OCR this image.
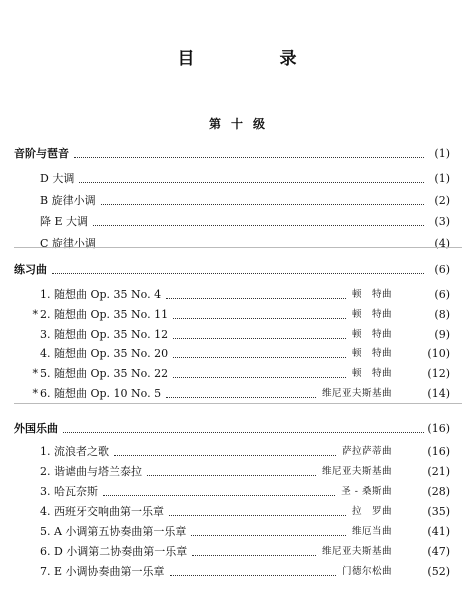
目　录
第十级
音阶与琶音	(1)
D 大调	(1)
B 旋律小调	(2)
降 E 大调	(3)
C 旋律小调	(4)
练习曲	(6)
1. 随想曲 Op. 35 No. 4	顿　特曲	(6)
* 2. 随想曲 Op. 35 No. 11	顿　特曲	(8)
3. 随想曲 Op. 35 No. 12	顿　特曲	(9)
4. 随想曲 Op. 35 No. 20	顿　特曲	(10)
* 5. 随想曲 Op. 35 No. 22	顿　特曲	(12)
* 6. 随想曲 Op. 10 No. 5	维尼亚夫斯基曲	(14)
外国乐曲	(16)
1. 流浪者之歌	萨拉萨蒂曲	(16)
2. 谐谑曲与塔兰泰拉	维尼亚夫斯基曲	(21)
3. 哈瓦奈斯	圣 - 桑斯曲	(28)
4. 西班牙交响曲第一乐章	拉　罗曲	(35)
5. A 小调第五协奏曲第一乐章	维厄当曲	(41)
6. D 小调第二协奏曲第一乐章	维尼亚夫斯基曲	(47)
7. E 小调协奏曲第一乐章	门德尔松曲	(52)
